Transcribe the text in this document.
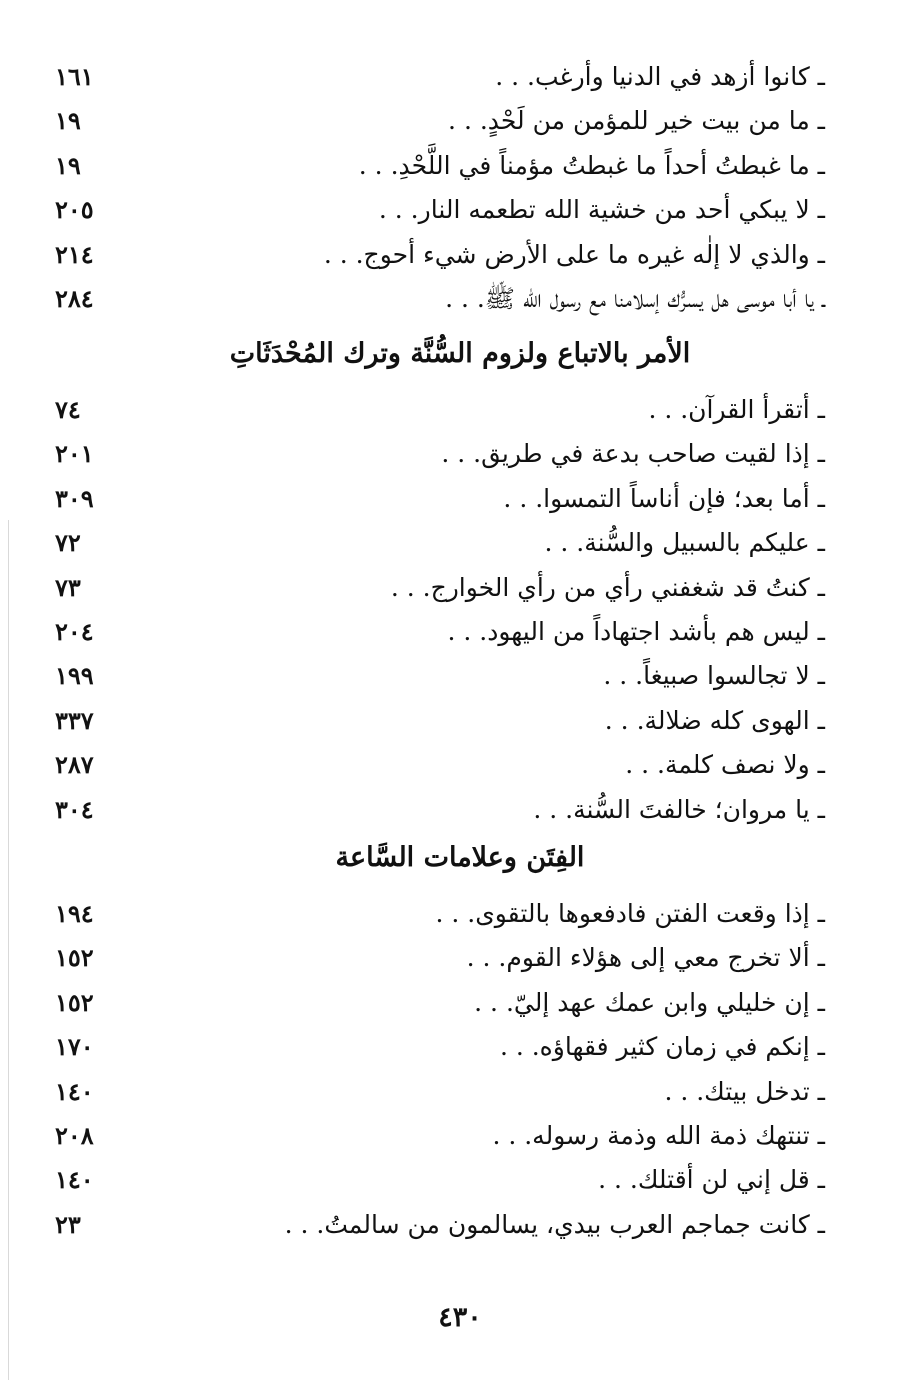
ـ كانوا أزهد في الدنيا وأرغب. . .
١٦١
ـ ما من بيت خير للمؤمن من لَحْدٍ. . .
١٩
ـ ما غبطتُ أحداً ما غبطتُ مؤمناً في اللَّحْدِ. . .
١٩
ـ لا يبكي أحد من خشية الله تطعمه النار. . .
٢٠٥
ـ والذي لا إلٰه غيره ما على الأرض شيء أحوج. . .
٢١٤
ـ يا أبا موسى هل يسرُّك إسلامنا مع رسول الله ﷺ. . .
٢٨٤
الأمر بالاتباع ولزوم السُّنَّة وترك المُحْدَثَاتِ
ـ أتقرأ القرآن. . .
٧٤
ـ إذا لقيت صاحب بدعة في طريق. . .
٢٠١
ـ أما بعد؛ فإن أناساً التمسوا. . .
٣٠٩
ـ عليكم بالسبيل والسُّنة. . .
٧٢
ـ كنتُ قد شغفني رأي من رأي الخوارج. . .
٧٣
ـ ليس هم بأشد اجتهاداً من اليهود. . .
٢٠٤
ـ لا تجالسوا صبيغاً. . .
١٩٩
ـ الهوى كله ضلالة. . .
٣٣٧
ـ ولا نصف كلمة. . .
٢٨٧
ـ يا مروان؛ خالفتَ السُّنة. . .
٣٠٤
الفِتَن وعلامات السَّاعة
ـ إذا وقعت الفتن فادفعوها بالتقوى. . .
١٩٤
ـ ألا تخرج معي إلى هؤلاء القوم. . .
١٥٢
ـ إن خليلي وابن عمك عهد إليّ. . .
١٥٢
ـ إنكم في زمان كثير فقهاؤه. . .
١٧٠
ـ تدخل بيتك. . .
١٤٠
ـ تنتهك ذمة الله وذمة رسوله. . .
٢٠٨
ـ قل إني لن أقتلك. . .
١٤٠
ـ كانت جماجم العرب بيدي، يسالمون من سالمتُ. . .
٢٣
٤٣٠
